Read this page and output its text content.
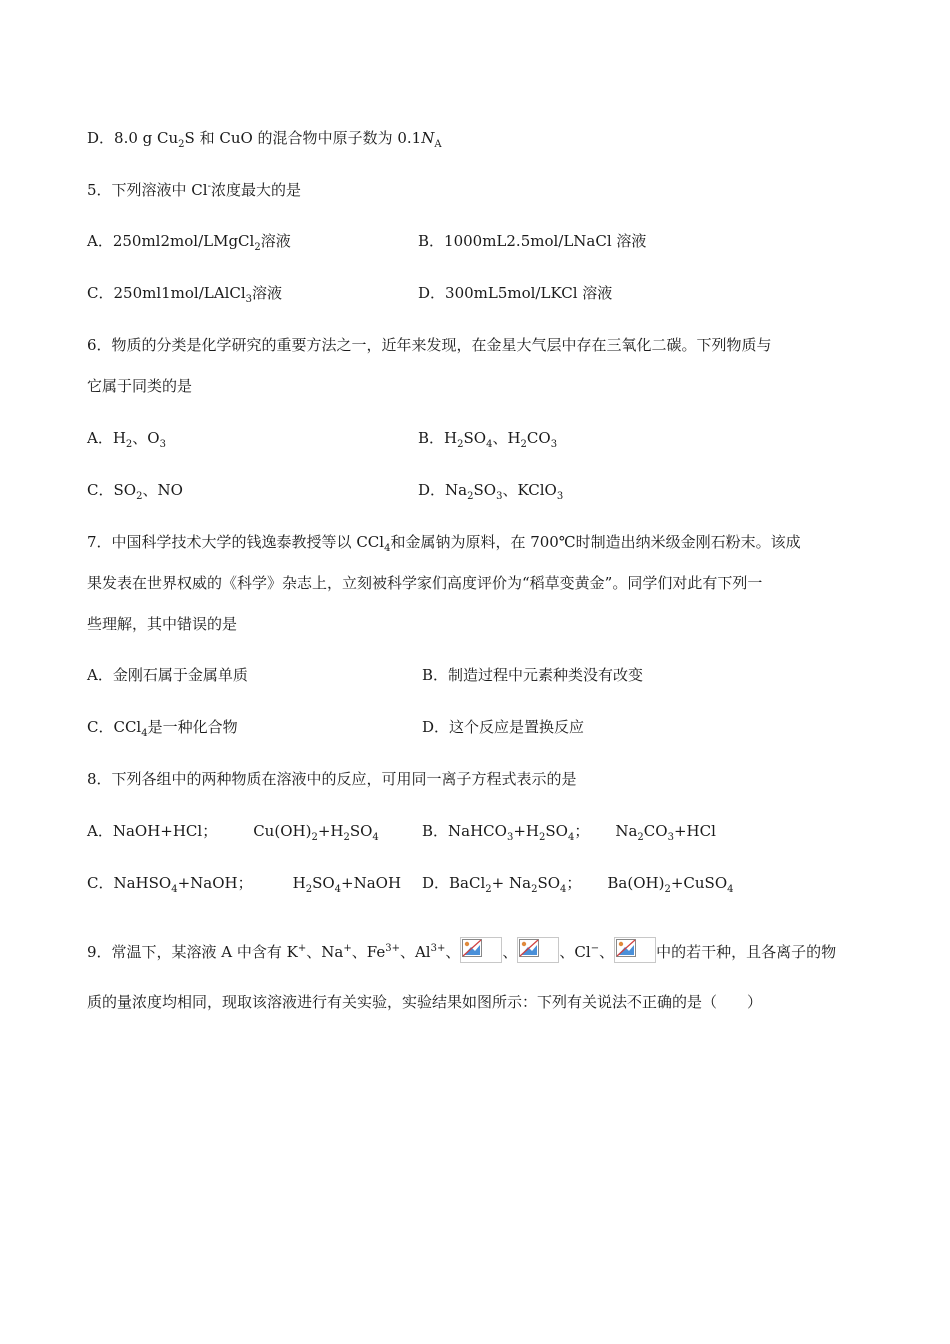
D．8.0 g $Cu_2S$ 和 CuO 的混合物中原子数为 $0.1N_A$
5．下列溶液中 Cl-浓度最大的是
A．250ml2mol/LMgCl$_2$溶液	B．1000mL2.5mol/LNaCl 溶液
C．250ml1mol/LAlCl$_3$溶液	D．300mL5mol/LKCl 溶液
6．物质的分类是化学研究的重要方法之一，近年来发现，在金星大气层中存在三氧化二碳。下列物质与
它属于同类的是
A．$H_2$、$O_3$	B．$H_2SO_4$、$H_2CO_3$
C．$SO_2$、NO	D．$Na_2SO_3$、KClO$_3$
7．中国科学技术大学的钱逸泰教授等以 CCl$_4$和金属钠为原料，在 700℃时制造出纳米级金刚石粉末。该成
果发表在世界权威的《科学》杂志上，立刻被科学家们高度评价为“稻草变黄金”。同学们对此有下列一
些理解，其中错误的是
A．金刚石属于金属单质	B．制造过程中元素种类没有改变
C．CCl$_4$是一种化合物	D．这个反应是置换反应
8．下列各组中的两种物质在溶液中的反应，可用同一离子方程式表示的是
A．NaOH+HCl； $Cu(OH)_2+H_2SO_4$	B．$NaHCO_3+H_2SO_4$； $Na_2CO_3+HCl$
C．NaHSO$_4$+NaOH；	$H_2SO_4+NaOH$ D．BaCl$_2$+ $Na_2SO_4$； $Ba(OH)_2+CuSO_4$
9．常温下，某溶液 A 中含有 K+、Na+、$Fe^{3+}$、$Al^{3+}$、	、	、Cl−、	中的若干种，且各离子的物
质的量浓度均相同，现取该溶液进行有关实验，实验结果如图所示：下列有关说法不正确的是（　　）
